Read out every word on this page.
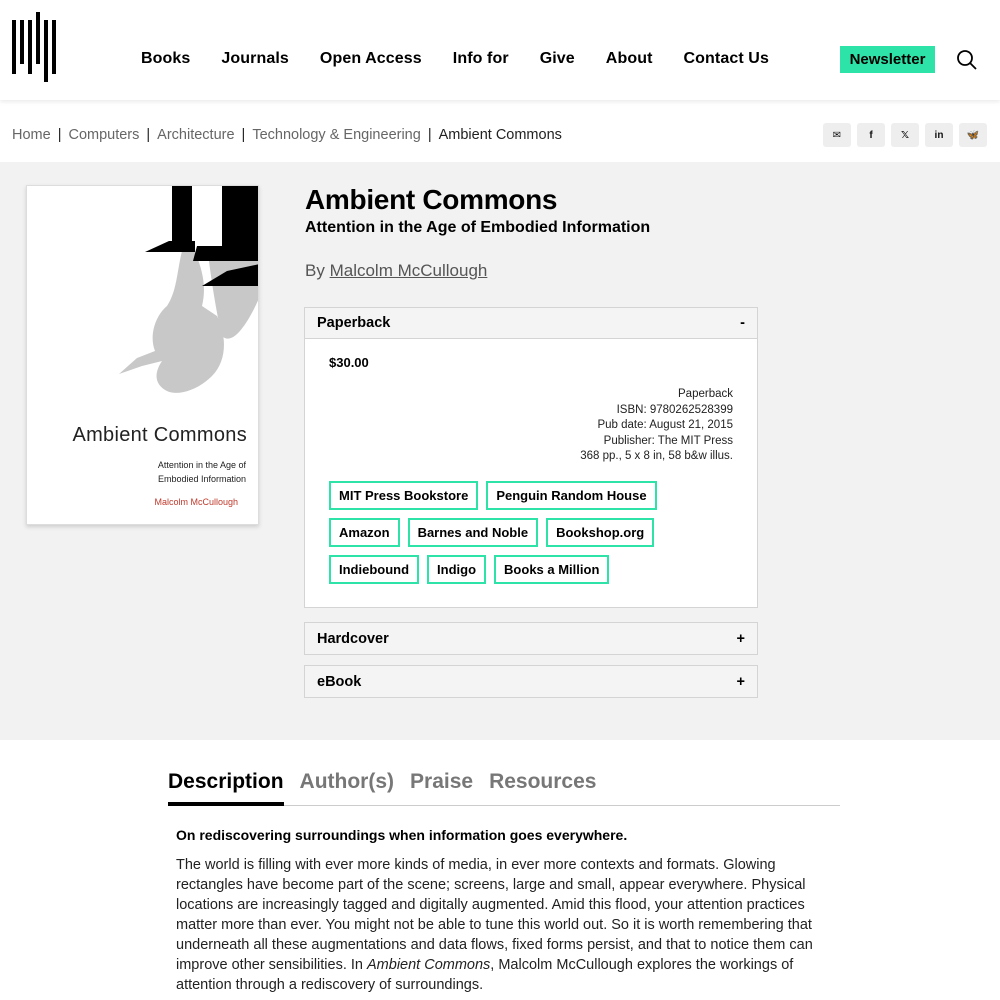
Books Journals Open Access Info for Give About Contact Us	Newsletter
Home | Computers | Architecture | Technology & Engineering | Ambient Commons	✉	f	𝕏	in	🦋
Ambient Commons
Attention in the Age of
Embodied Information
Malcolm McCullough
Ambient Commons
Attention in the Age of Embodied Information
By Malcolm McCullough
Paperback	-
$30.00
Paperback
ISBN: 9780262528399
Pub date: August 21, 2015
Publisher: The MIT Press
368 pp., 5 x 8 in, 58 b&w illus.
MIT Press Bookstore	Penguin Random House
Amazon	Barnes and Noble	Bookshop.org
Indiebound	Indigo	Books a Million
Hardcover	+
eBook	+
Description Author(s) Praise Resources
On rediscovering surroundings when information goes everywhere.
The world is filling with ever more kinds of media, in ever more contexts and formats. Glowing rectangles have become part of the scene; screens, large and small, appear everywhere. Physical locations are increasingly tagged and digitally augmented. Amid this flood, your attention practices matter more than ever. You might not be able to tune this world out. So it is worth remembering that underneath all these augmentations and data flows, fixed forms persist, and that to notice them can improve other sensibilities. In Ambient Commons, Malcolm McCullough explores the workings of attention through a rediscovery of surroundings.
